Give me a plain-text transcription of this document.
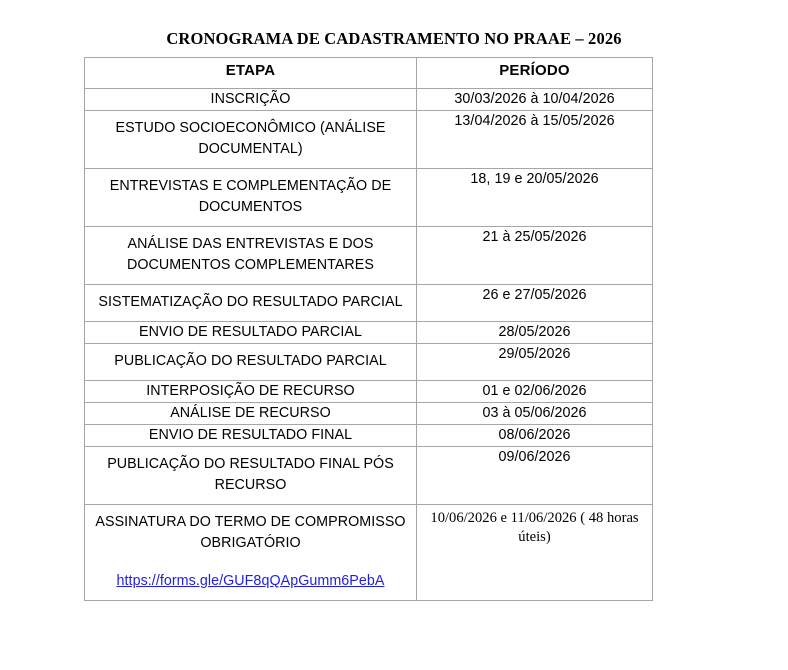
CRONOGRAMA DE CADASTRAMENTO NO PRAAE – 2026
ETAPA	PERÍODO

INSCRIÇÃO	30/03/2026 à 10/04/2026

ESTUDO SOCIOECONÔMICO (ANÁLISE DOCUMENTAL)	13/04/2026 à 15/05/2026

ENTREVISTAS E COMPLEMENTAÇÃO DE DOCUMENTOS	18, 19 e 20/05/2026

ANÁLISE DAS ENTREVISTAS E DOS DOCUMENTOS COMPLEMENTARES	21 à 25/05/2026

SISTEMATIZAÇÃO DO RESULTADO PARCIAL	26 e 27/05/2026

ENVIO DE RESULTADO PARCIAL	28/05/2026

PUBLICAÇÃO DO RESULTADO PARCIAL	29/05/2026

INTERPOSIÇÃO DE RECURSO	01 e 02/06/2026

ANÁLISE DE RECURSO	03 à 05/06/2026

ENVIO DE RESULTADO FINAL	08/06/2026

PUBLICAÇÃO DO RESULTADO FINAL PÓS RECURSO	09/06/2026

ASSINATURA DO TERMO DE COMPROMISSO OBRIGATÓRIO
https://forms.gle/GUF8qQApGumm6PebA	10/06/2026 e 11/06/2026 ( 48 horas úteis)
